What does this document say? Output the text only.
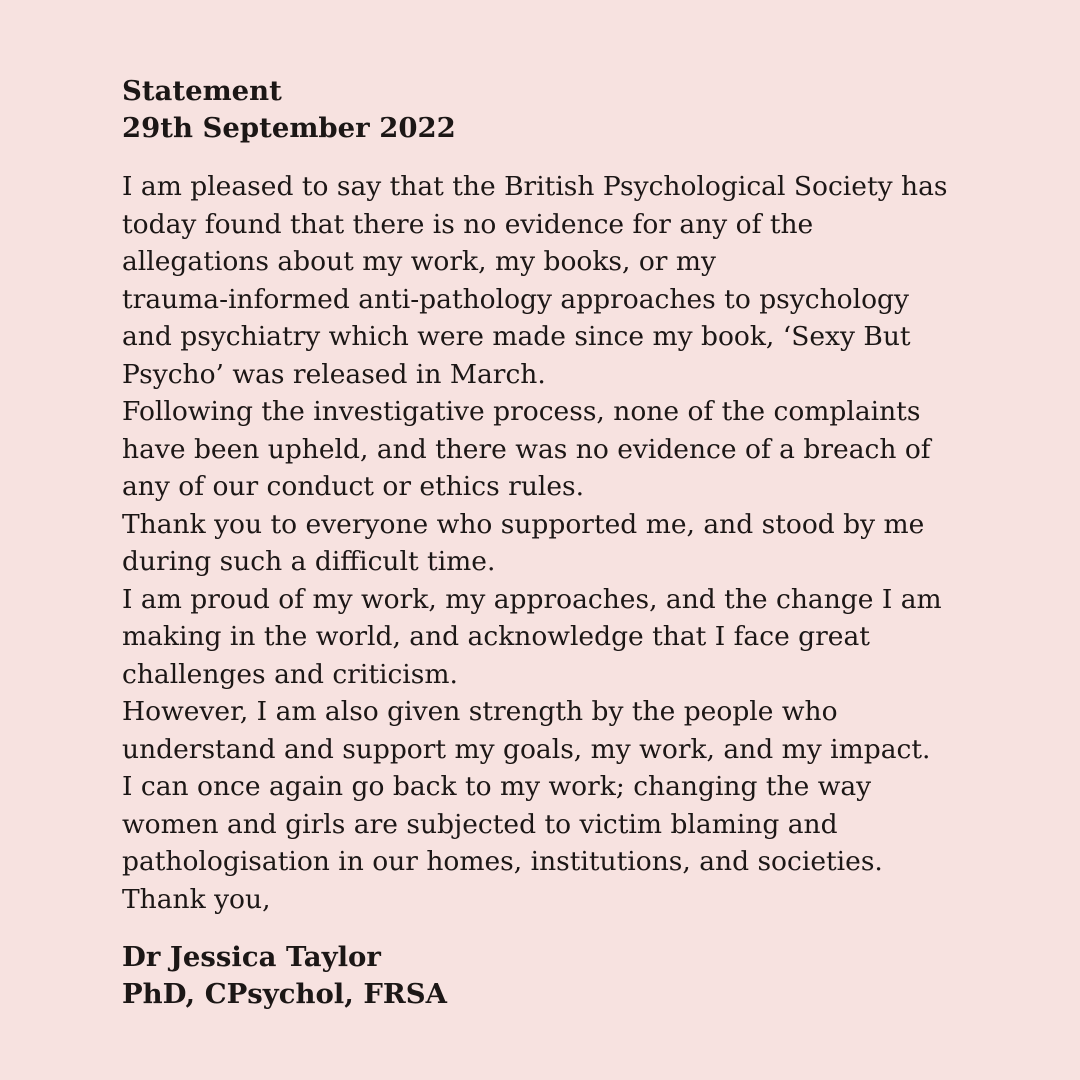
Statement
29th September 2022
I am pleased to say that the British Psychological Society has
today found that there is no evidence for any of the
allegations about my work, my books, or my
trauma-informed anti-pathology approaches to psychology
and psychiatry which were made since my book, ‘Sexy But
Psycho’ was released in March.
Following the investigative process, none of the complaints
have been upheld, and there was no evidence of a breach of
any of our conduct or ethics rules.
Thank you to everyone who supported me, and stood by me
during such a difficult time.
I am proud of my work, my approaches, and the change I am
making in the world, and acknowledge that I face great
challenges and criticism.
However, I am also given strength by the people who
understand and support my goals, my work, and my impact.
I can once again go back to my work; changing the way
women and girls are subjected to victim blaming and
pathologisation in our homes, institutions, and societies.
Thank you,
Dr Jessica Taylor
PhD, CPsychol, FRSA
